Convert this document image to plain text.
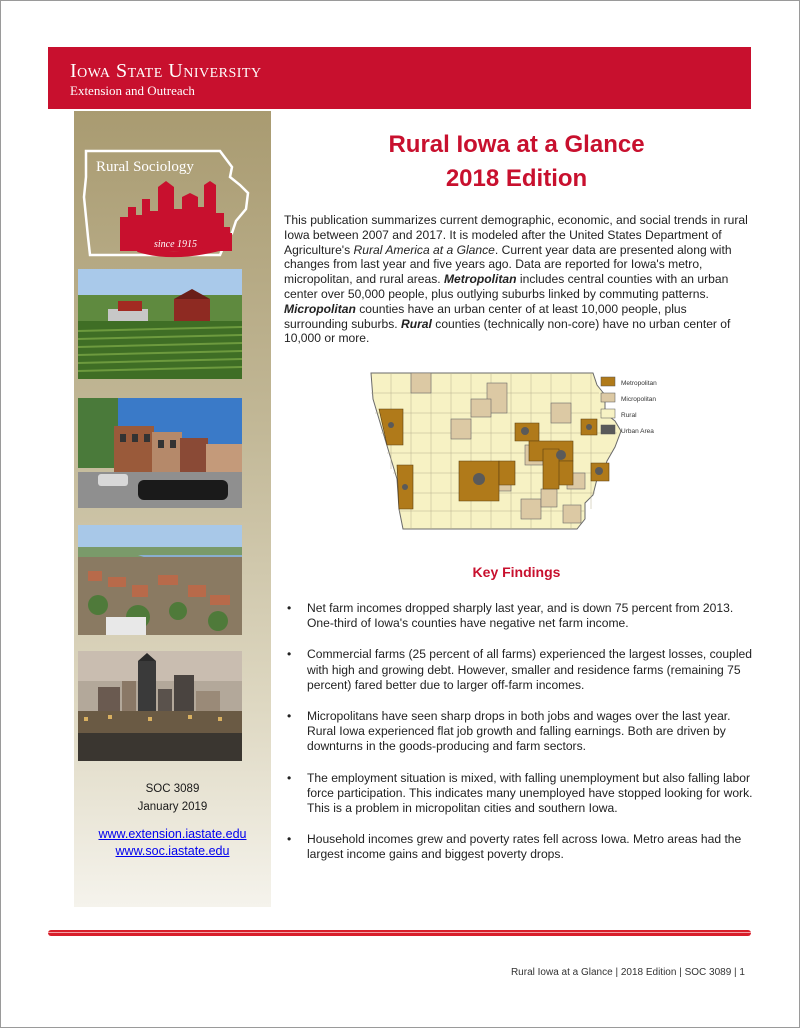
Iowa State University
Extension and Outreach
since 1915
Rural Sociology
SOC 3089
January 2019
www.extension.iastate.edu
www.soc.iastate.edu
Rural Iowa at a Glance
2018 Edition
This publication summarizes current demographic, economic, and social trends in rural Iowa between 2007 and 2017. It is modeled after the United States Department of Agriculture's Rural America at a Glance. Current year data are presented along with changes from last year and five years ago. Data are reported for Iowa's metro, micropolitan, and rural areas. Metropolitan includes central counties with an urban center over 50,000 people, plus outlying suburbs linked by commuting patterns. Micropolitan counties have an urban center of at least 10,000 people, plus surrounding suburbs. Rural counties (technically non-core) have no urban center of 10,000 or more.
Metropolitan
Micropolitan
Rural
Urban Area
Key Findings
• Net farm incomes dropped sharply last year, and is down 75 percent from 2013. One-third of Iowa's counties have negative net farm income.
• Commercial farms (25 percent of all farms) experienced the largest losses, coupled with high and growing debt. However, smaller and residence farms (remaining 75 percent) fared better due to larger off-farm incomes.
• Micropolitans have seen sharp drops in both jobs and wages over the last year. Rural Iowa experienced flat job growth and falling earnings. Both are driven by downturns in the goods-producing and farm sectors.
• The employment situation is mixed, with falling unemployment but also falling labor force participation. This indicates many unemployed have stopped looking for work. This is a problem in micropolitan cities and southern Iowa.
• Household incomes grew and poverty rates fell across Iowa. Metro areas had the largest income gains and biggest poverty drops.
Rural Iowa at a Glance | 2018 Edition | SOC 3089 | 1
